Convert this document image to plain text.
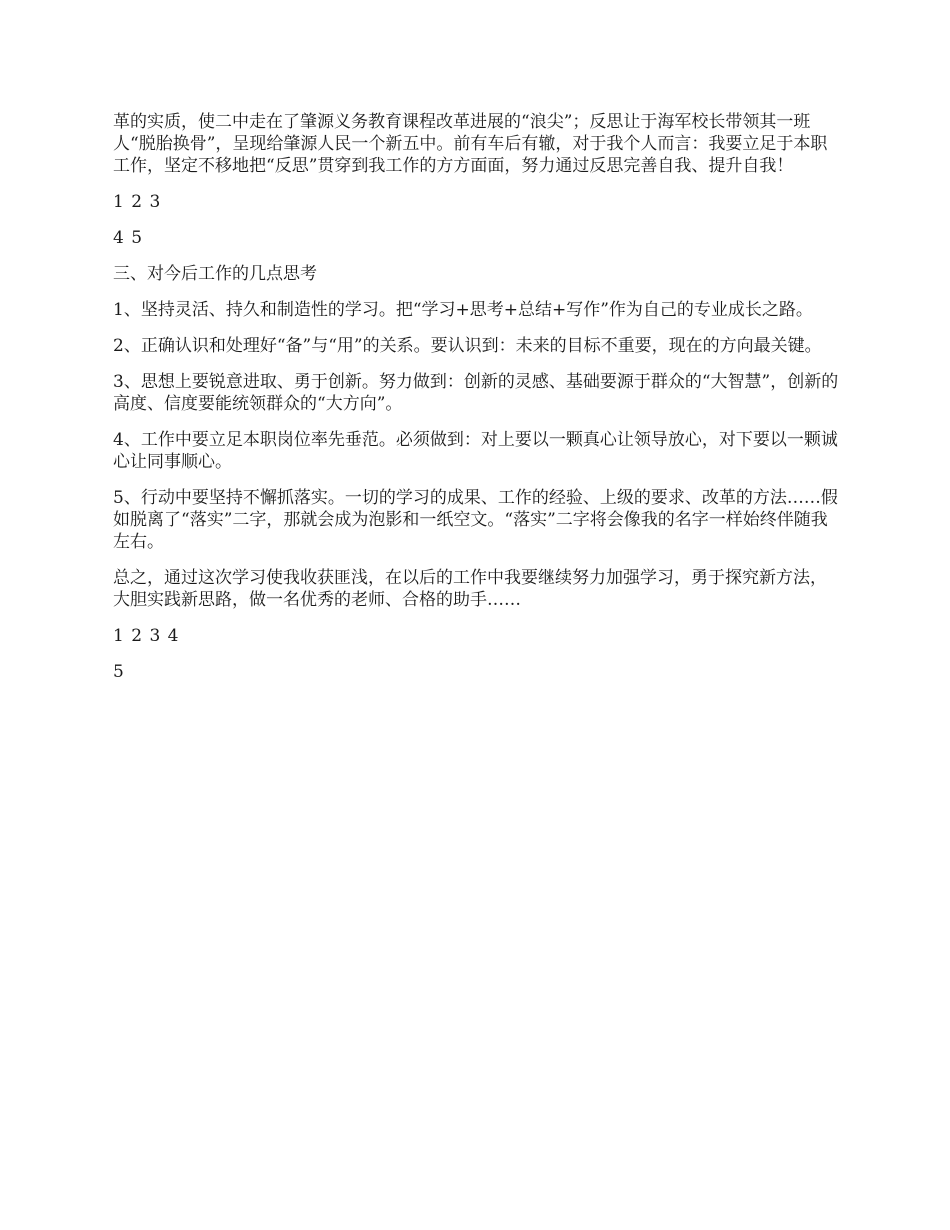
革的实质，使二中走在了肇源义务教育课程改革进展的“浪尖”；反思让于海军校长带领其一班人“脱胎换骨”，呈现给肇源人民一个新五中。前有车后有辙，对于我个人而言：我要立足于本职工作，坚定不移地把“反思”贯穿到我工作的方方面面，努力通过反思完善自我、提升自我！

1 2 3

4 5

三、对今后工作的几点思考

1、坚持灵活、持久和制造性的学习。把“学习+思考+总结+写作”作为自己的专业成长之路。

2、正确认识和处理好“备”与“用”的关系。要认识到：未来的目标不重要，现在的方向最关键。

3、思想上要锐意进取、勇于创新。努力做到：创新的灵感、基础要源于群众的“大智慧”，创新的高度、信度要能统领群众的“大方向”。

4、工作中要立足本职岗位率先垂范。必须做到：对上要以一颗真心让领导放心，对下要以一颗诚心让同事顺心。

5、行动中要坚持不懈抓落实。一切的学习的成果、工作的经验、上级的要求、改革的方法……假如脱离了“落实”二字，那就会成为泡影和一纸空文。“落实”二字将会像我的名字一样始终伴随我左右。

总之，通过这次学习使我收获匪浅，在以后的工作中我要继续努力加强学习，勇于探究新方法，大胆实践新思路，做一名优秀的老师、合格的助手……

1 2 3 4

5
